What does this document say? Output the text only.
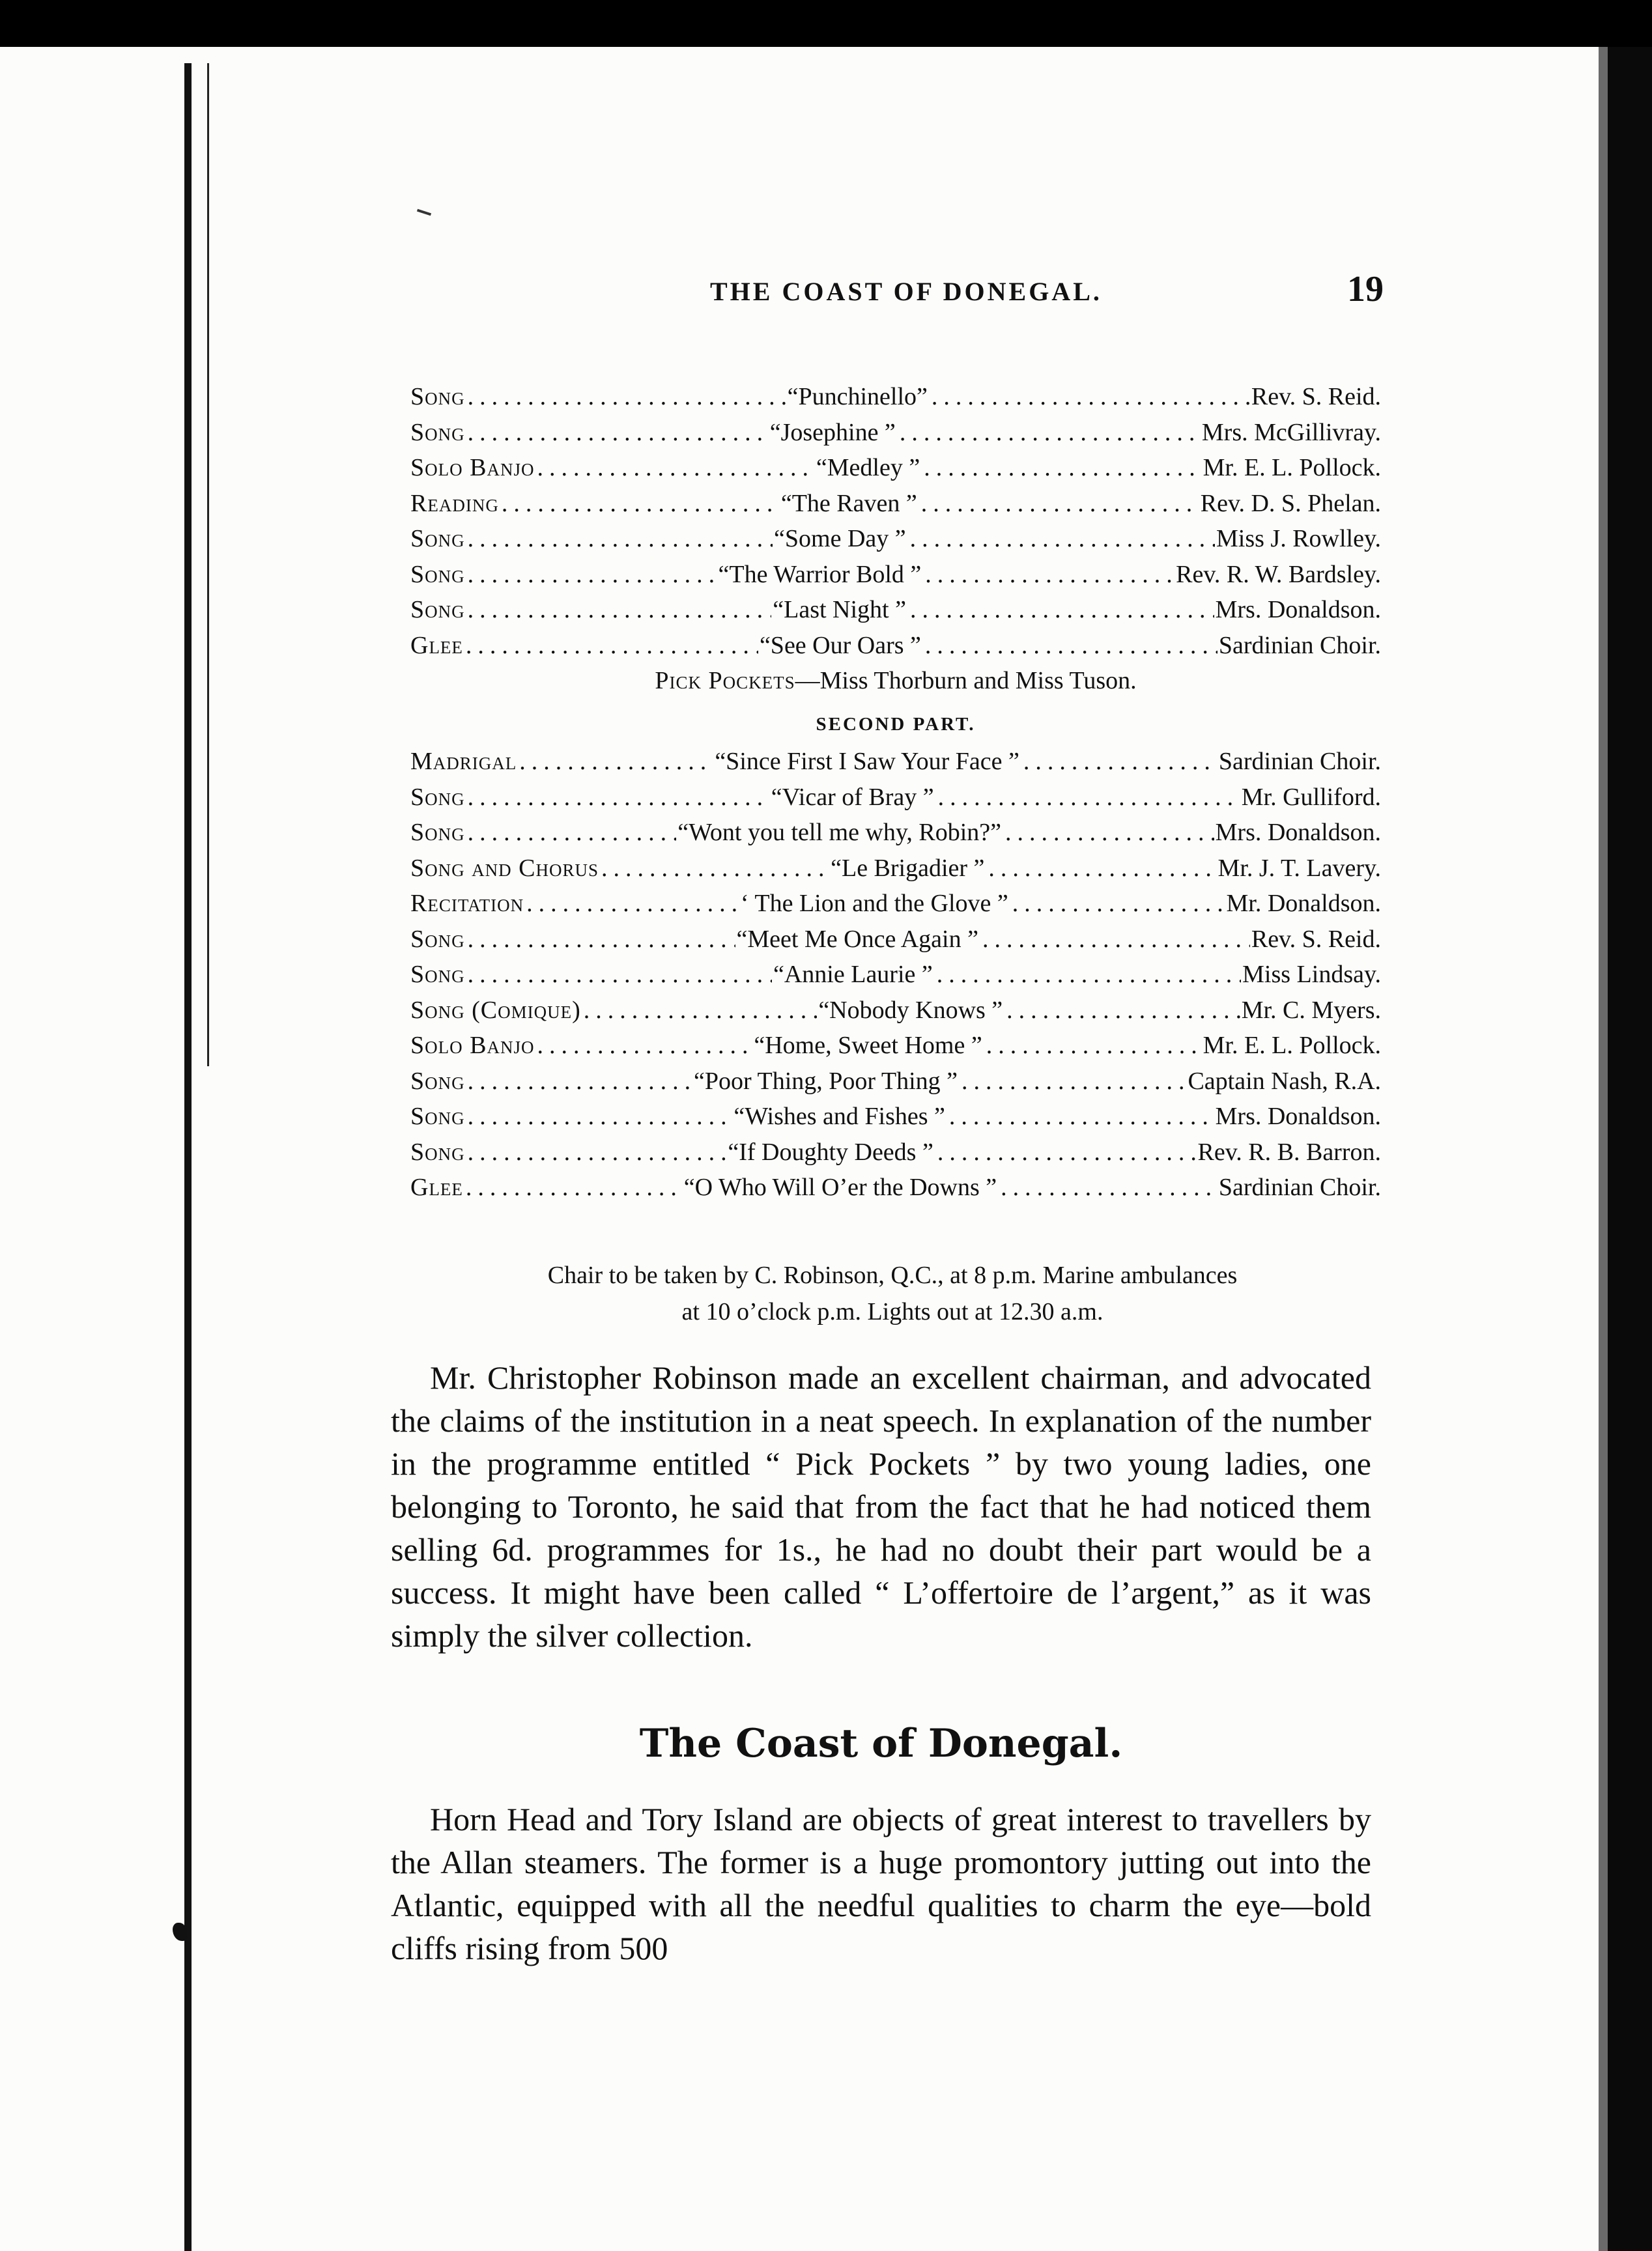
THE COAST OF DONEGAL.	19
Song .....	“Punchinello” .....	Rev. S. Reid.
Song .....	“Josephine ” .....	Mrs. McGillivray.
Solo Banjo .....	“Medley ” .....	Mr. E. L. Pollock.
Reading .....	“The Raven ” .....	Rev. D. S. Phelan.
Song .....	“Some Day ” .....	Miss J. Rowlley.
Song .....	“The Warrior Bold ” .....	Rev. R. W. Bardsley.
Song .....	“Last Night ” .....	Mrs. Donaldson.
Glee .....	“See Our Oars ” .....	Sardinian Choir.
Pick Pockets—Miss Thorburn and Miss Tuson.
SECOND PART.
Madrigal .....	“Since First I Saw Your Face ” .....	Sardinian Choir.
Song .....	“Vicar of Bray ” .....	Mr. Gulliford.
Song .....	“Wont you tell me why, Robin?” .....	Mrs. Donaldson.
Song and Chorus .....	“Le Brigadier ” .....	Mr. J. T. Lavery.
Recitation .....	‘ The Lion and the Glove ” .....	Mr. Donaldson.
Song .....	“Meet Me Once Again ” .....	Rev. S. Reid.
Song .....	“Annie Laurie ” .....	Miss Lindsay.
Song (Comique) .....	“Nobody Knows ” .....	Mr. C. Myers.
Solo Banjo .....	“Home, Sweet Home ” .....	Mr. E. L. Pollock.
Song .....	“Poor Thing, Poor Thing ” .....	Captain Nash, R.A.
Song .....	“Wishes and Fishes ” .....	Mrs. Donaldson.
Song .....	“If Doughty Deeds ” .....	Rev. R. B. Barron.
Glee .....	“O Who Will O’er the Downs ” .....	Sardinian Choir.
Chair to be taken by C. Robinson, Q.C., at 8 p.m. Marine ambulances
at 10 o’clock p.m. Lights out at 12.30 a.m.

Mr. Christopher Robinson made an excellent chairman, and advocated the claims of the institution in a neat speech. In explanation of the number in the programme entitled “ Pick Pockets ” by two young ladies, one belonging to Toronto, he said that from the fact that he had noticed them selling 6d. programmes for 1s., he had no doubt their part would be a success. It might have been called “ L’offertoire de l’argent,” as it was simply the silver collection.

The Coast of Donegal.

Horn Head and Tory Island are objects of great interest to travellers by the Allan steamers. The former is a huge promontory jutting out into the Atlantic, equipped with all the needful qualities to charm the eye—bold cliffs rising from 500
